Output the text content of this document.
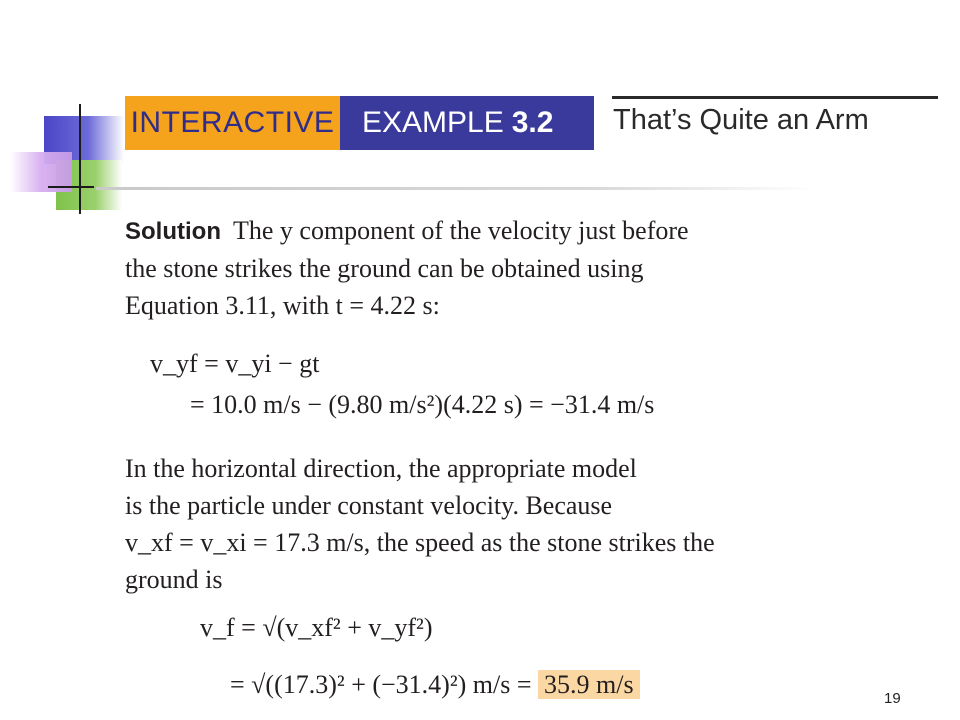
INTERACTIVE EXAMPLE 3.2 That’s Quite an Arm
Solution The y component of the velocity just before
the stone strikes the ground can be obtained using
Equation 3.11, with t = 4.22 s:
v_yf = v_yi − gt
= 10.0 m/s − (9.80 m/s²)(4.22 s) = −31.4 m/s
In the horizontal direction, the appropriate model
is the particle under constant velocity. Because
v_xf = v_xi = 17.3 m/s, the speed as the stone strikes the
ground is
v_f = √(v_xf² + v_yf²)
= √((17.3)² + (−31.4)²) m/s = 35.9 m/s	19
